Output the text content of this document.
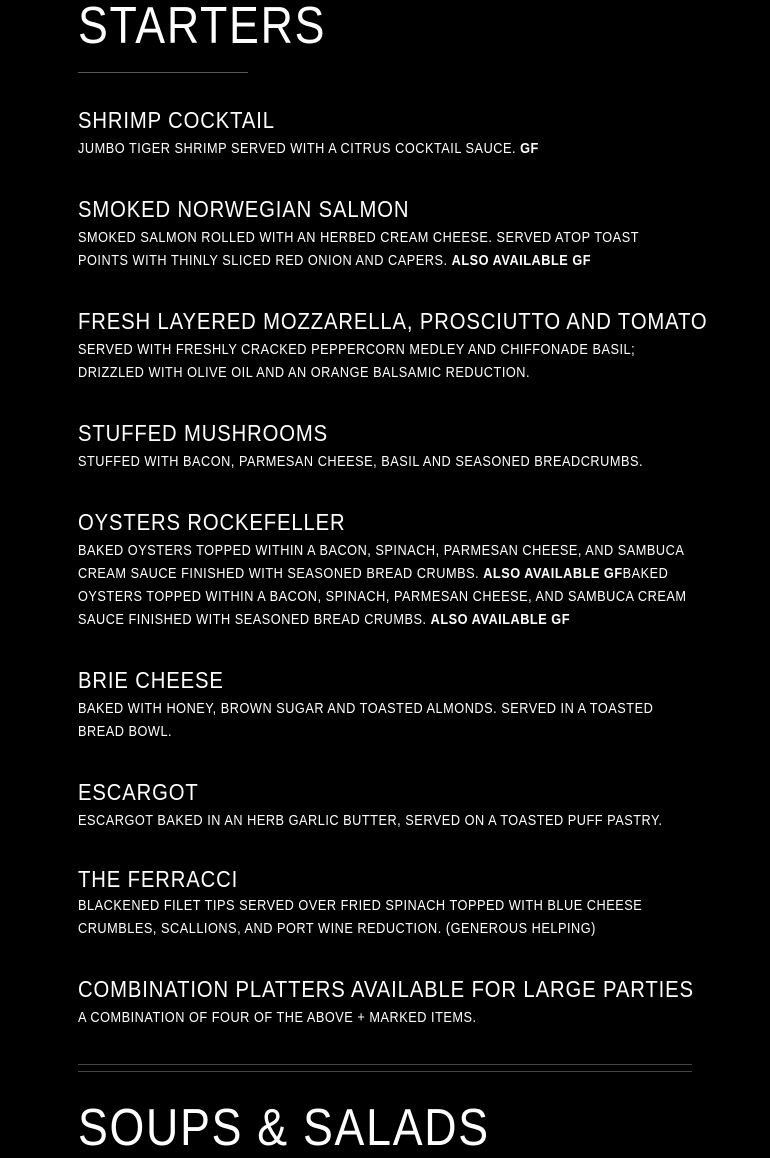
STARTERS
SHRIMP COCKTAIL

JUMBO TIGER SHRIMP SERVED WITH A CITRUS COCKTAIL SAUCE. GF

SMOKED NORWEGIAN SALMON

SMOKED SALMON ROLLED WITH AN HERBED CREAM CHEESE. SERVED ATOP TOAST POINTS WITH THINLY SLICED RED ONION AND CAPERS. ALSO AVAILABLE GF

FRESH LAYERED MOZZARELLA, PROSCIUTTO AND TOMATO

SERVED WITH FRESHLY CRACKED PEPPERCORN MEDLEY AND CHIFFONADE BASIL; DRIZZLED WITH OLIVE OIL AND AN ORANGE BALSAMIC REDUCTION.

STUFFED MUSHROOMS

STUFFED WITH BACON, PARMESAN CHEESE, BASIL AND SEASONED BREADCRUMBS.

OYSTERS ROCKEFELLER

BAKED OYSTERS TOPPED WITHIN A BACON, SPINACH, PARMESAN CHEESE, AND SAMBUCA CREAM SAUCE FINISHED WITH SEASONED BREAD CRUMBS. ALSO AVAILABLE GFBAKED OYSTERS TOPPED WITHIN A BACON, SPINACH, PARMESAN CHEESE, AND SAMBUCA CREAM SAUCE FINISHED WITH SEASONED BREAD CRUMBS. ALSO AVAILABLE GF

BRIE CHEESE

BAKED WITH HONEY, BROWN SUGAR AND TOASTED ALMONDS. SERVED IN A TOASTED BREAD BOWL.

ESCARGOT

ESCARGOT BAKED IN AN HERB GARLIC BUTTER, SERVED ON A TOASTED PUFF PASTRY.

THE FERRACCI

BLACKENED FILET TIPS SERVED OVER FRIED SPINACH TOPPED WITH BLUE CHEESE CRUMBLES, SCALLIONS, AND PORT WINE REDUCTION. (GENEROUS HELPING)

COMBINATION PLATTERS AVAILABLE FOR LARGE PARTIES

A COMBINATION OF FOUR OF THE ABOVE + MARKED ITEMS.

SOUPS & SALADS
